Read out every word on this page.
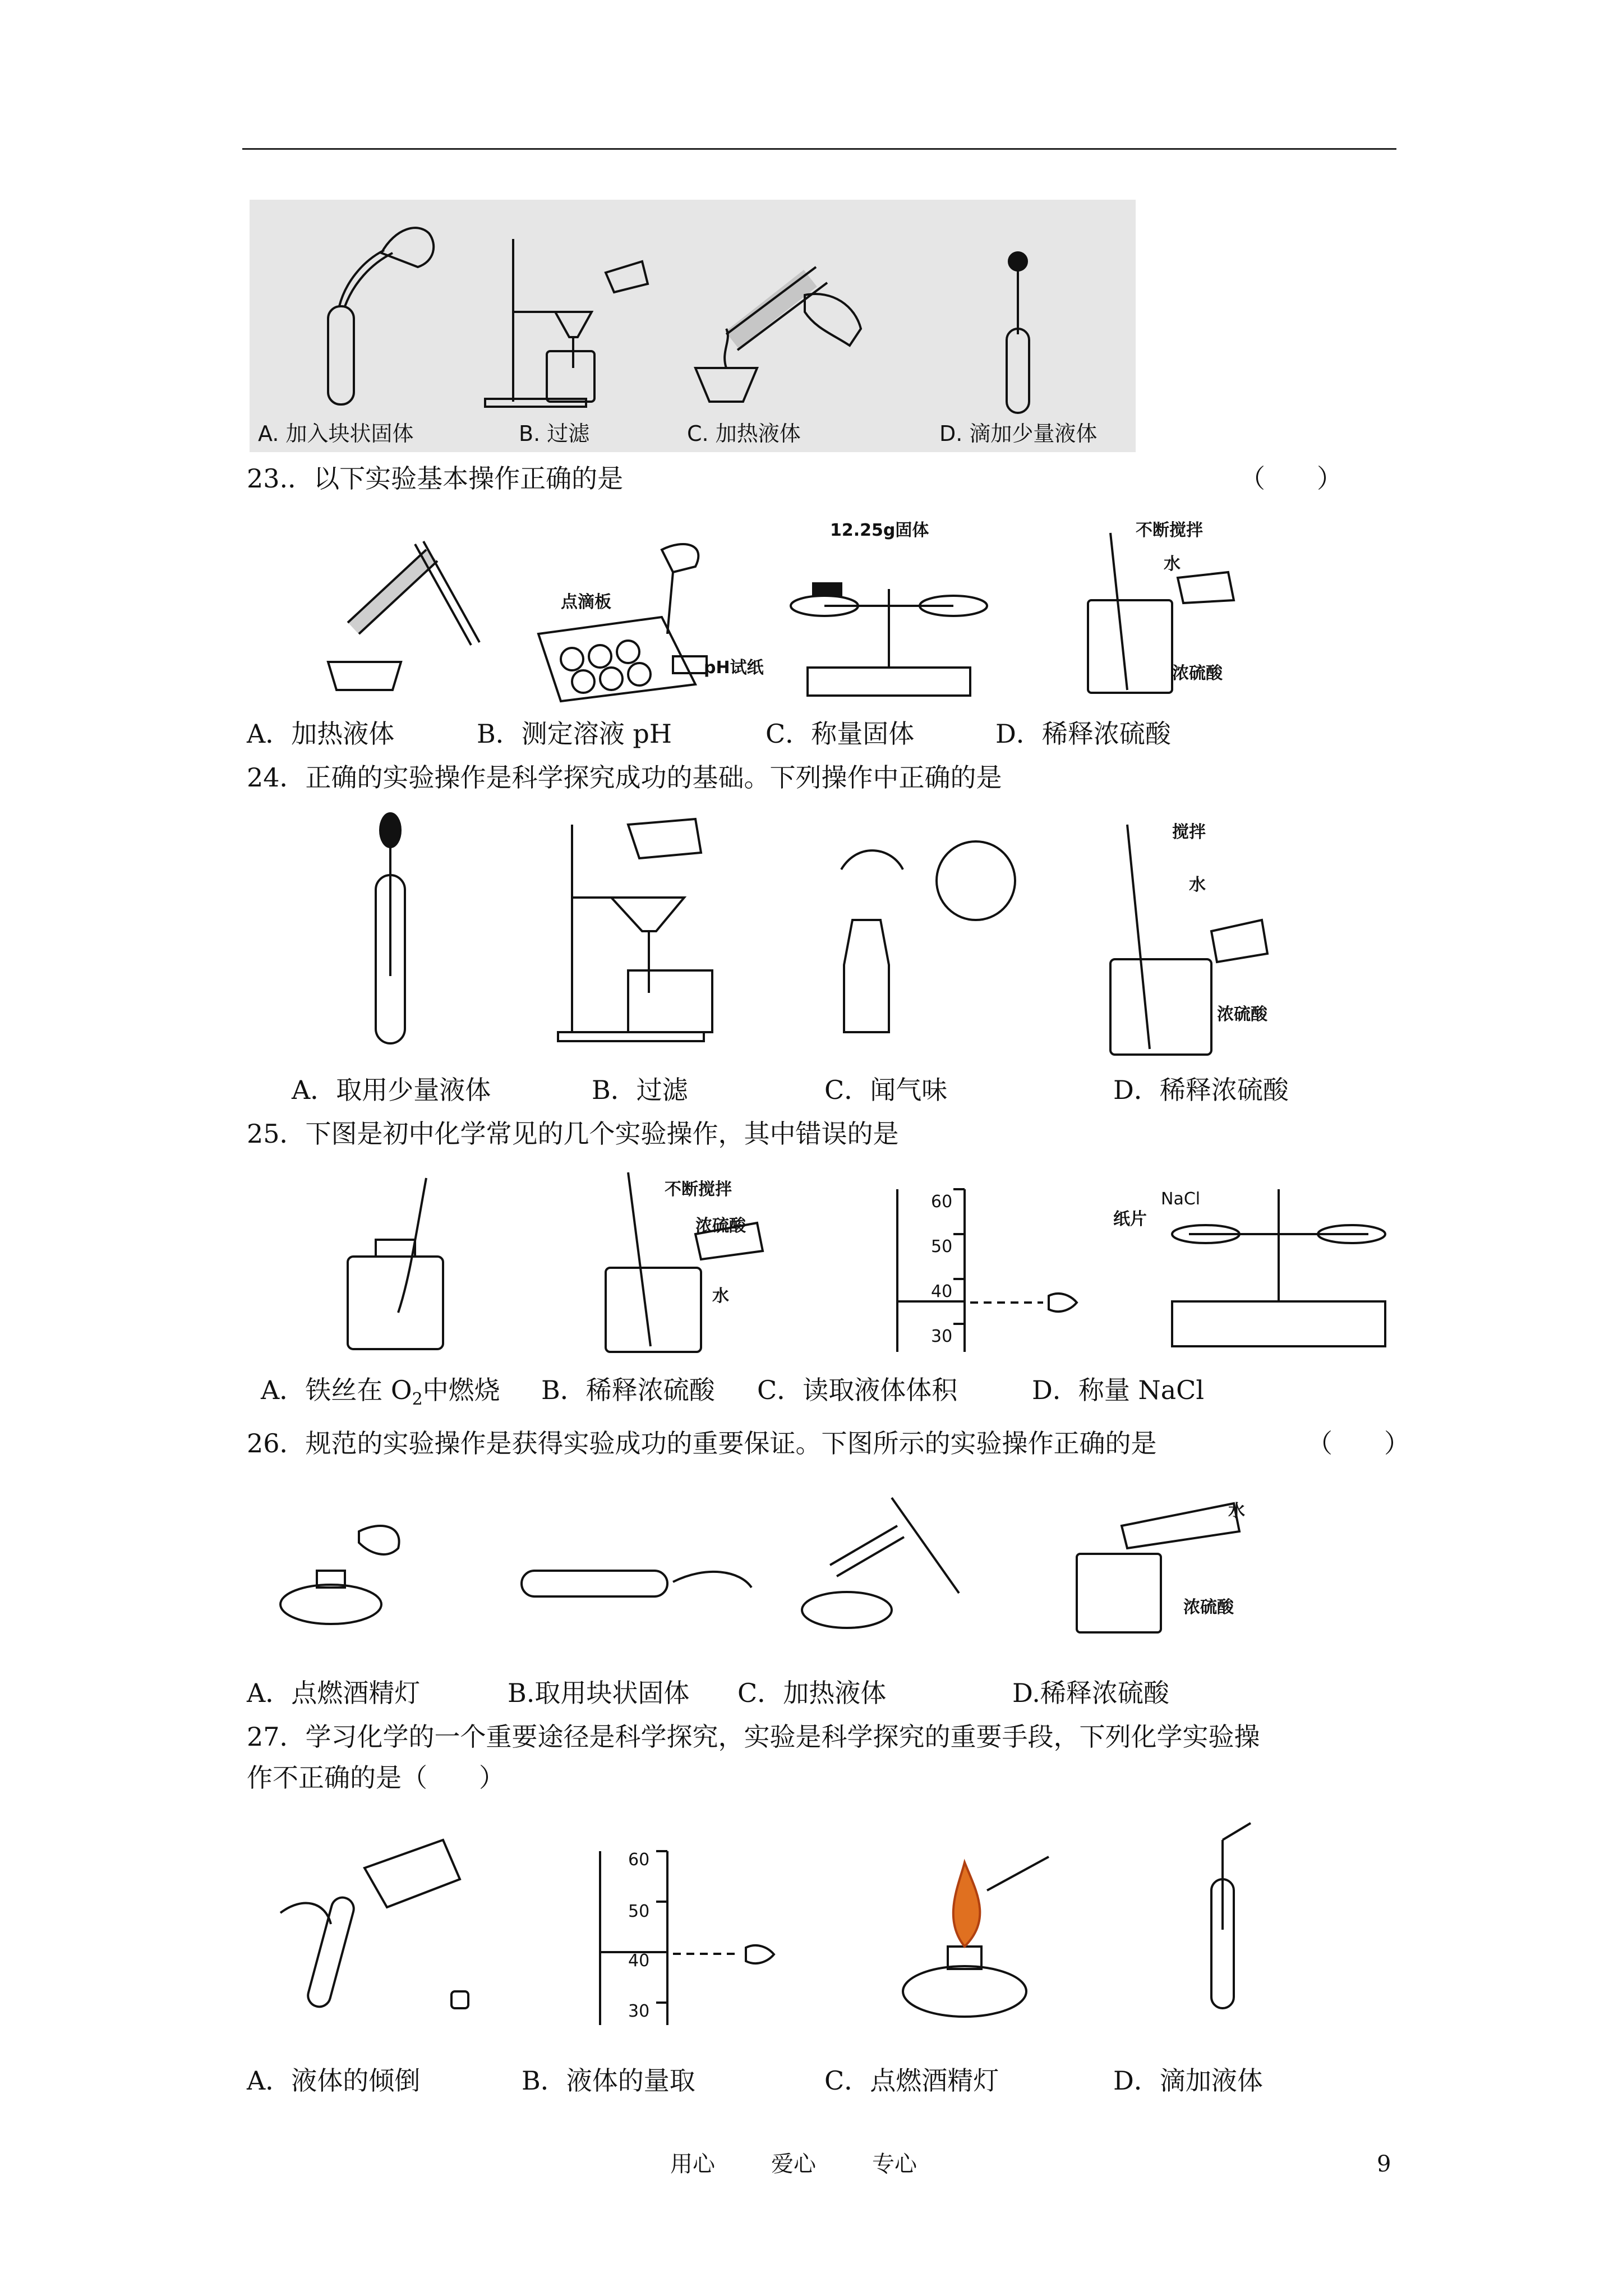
A. 加入块状固体	B. 过滤	C. 加热液体	D. 滴加少量液体
23.．以下实验基本操作正确的是	（　　）
点滴板
pH试纸
12.25g固体	不断搅拌
水
浓硫酸
A．加热液体	B．测定溶液 pH	C．称量固体	D．稀释浓硫酸
24．正确的实验操作是科学探究成功的基础。下列操作中正确的是
搅拌
水
浓硫酸
A．取用少量液体	B．过滤	C．闻气味	D．稀释浓硫酸
25．下图是初中化学常见的几个实验操作，其中错误的是
不断搅拌
浓硫酸
水
60
50
40
30
纸片
NaCl
A．铁丝在 $O_2$中燃烧 B．稀释浓硫酸 C．读取液体体积	D．称量 NaCl
26．规范的实验操作是获得实验成功的重要保证。下图所示的实验操作正确的是	（　　）
水
浓硫酸
A．点燃酒精灯	B.取用块状固体 C．加热液体	D.稀释浓硫酸
27．学习化学的一个重要途径是科学探究，实验是科学探究的重要手段，下列化学实验操
作不正确的是（　　）
60
50
40
30
A．液体的倾倒	B．液体的量取	C．点燃酒精灯	D．滴加液体
用心	爱心	专心	9
